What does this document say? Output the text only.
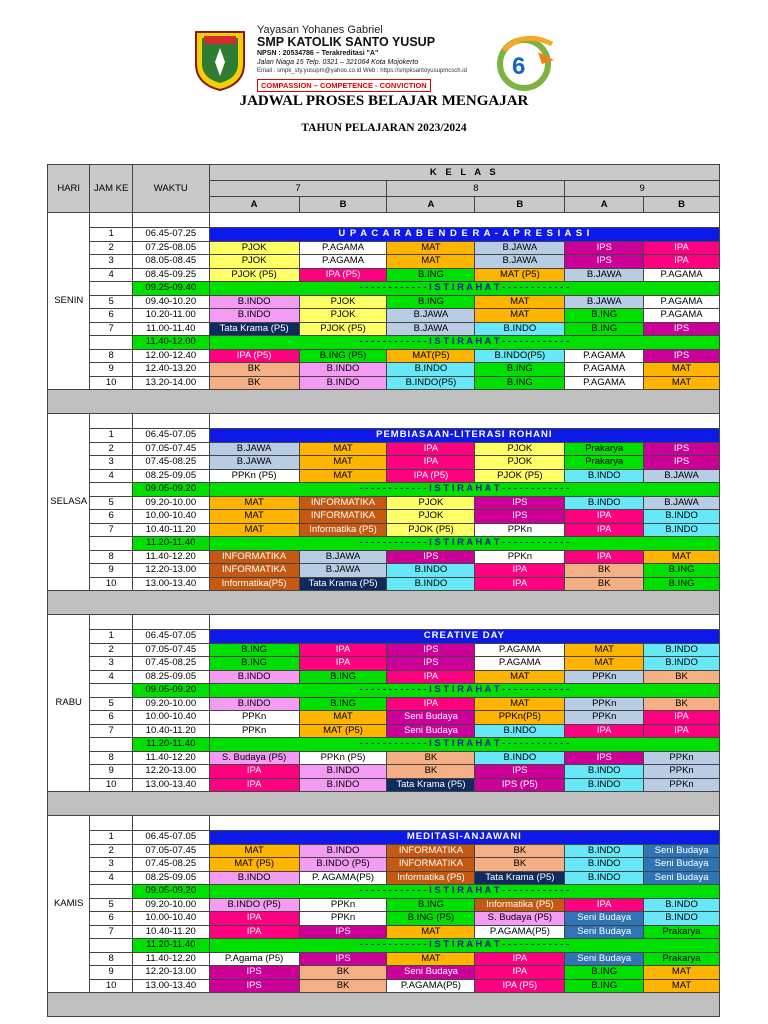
Yayasan Yohanes Gabriel
SMP KATOLIK SANTO YUSUP
NPSN : 20534786 – Terakreditasi "A"
Jalan Niaga 15 Telp. 0321 – 321064 Kota Mojokerto
Email : smpk_sty.yusupm@yahoo.co.id Web : https://smpksantoyusupmcsch.id
COMPASSION – COMPETENCE - CONVICTION
6
JADWAL PROSES BELAJAR MENGAJAR
TAHUN PELAJARAN 2023/2024
HARI	JAM KE	WAKTU	K E L A S					
			7		8		9	
			A	B	A	B	A	B
SENIN								
	1	06.45-07.25	U P A C A R A B E N D E R A - A P R E S I A S I					
	2	07.25-08.05	PJOK	P.AGAMA	MAT	B.JAWA	IPS	IPA
	3	08.05-08.45	PJOK	P.AGAMA	MAT	B.JAWA	IPS	IPA
	4	08.45-09.25	PJOK (P5)	IPA (P5)	B.ING	MAT (P5)	B.JAWA	P.AGAMA
		09.25-09.40	- - - - - - - - - - - - I S T I R A H A T - - - - - - - - - - - -					
	5	09.40-10.20	B.INDO	PJOK	B.ING	MAT	B.JAWA	P.AGAMA
	6	10.20-11.00	B.INDO	PJOK	B.JAWA	MAT	B.ING	P.AGAMA
	7	11.00-11.40	Tata Krama (P5)	PJOK (P5)	B.JAWA	B.INDO	B.ING	IPS
		11.40-12.00	- - - - - - - - - - - - I S T I R A H A T - - - - - - - - - - - -					
	8	12.00-12.40	IPA (P5)	B.ING (P5)	MAT(P5)	B.INDO(P5)	P.AGAMA	IPS
	9	12.40-13.20	BK	B.INDO	B.INDO	B.ING	P.AGAMA	MAT
	10	13.20-14.00	BK	B.INDO	B.INDO(P5)	B.ING	P.AGAMA	MAT

SELASA								
	1	06.45-07.05	PEMBIASAAN-LITERASI ROHANI					
	2	07.05-07.45	B.JAWA	MAT	IPA	PJOK	Prakarya	IPS
	3	07.45-08.25	B.JAWA	MAT	IPA	PJOK	Prakarya	IPS
	4	08.25-09.05	PPKn (P5)	MAT	IPA (P5)	PJOK (P5)	B.INDO	B.JAWA
		09.05-09.20	- - - - - - - - - - - - I S T I R A H A T - - - - - - - - - - - -					
	5	09.20-10.00	MAT	INFORMATIKA	PJOK	IPS	B.INDO	B.JAWA
	6	10.00-10.40	MAT	INFORMATIKA	PJOK	IPS	IPA	B.INDO
	7	10.40-11.20	MAT	Informatika (P5)	PJOK (P5)	PPKn	IPA	B.INDO
		11.20-11.40	- - - - - - - - - - - - I S T I R A H A T - - - - - - - - - - - -					
	8	11.40-12.20	INFORMATIKA	B.JAWA	IPS	PPKn	IPA	MAT
	9	12.20-13.00	INFORMATIKA	B.JAWA	B.INDO	IPA	BK	B.ING
	10	13.00-13.40	Informatika(P5)	Tata Krama (P5)	B.INDO	IPA	BK	B.ING

RABU								
	1	06.45-07.05	CREATIVE DAY					
	2	07.05-07.45	B.ING	IPA	IPS	P.AGAMA	MAT	B.INDO
	3	07.45-08.25	B.ING	IPA	IPS	P.AGAMA	MAT	B.INDO
	4	08.25-09.05	B.INDO	B.ING	IPA	MAT	PPKn	BK
		09.05-09.20	- - - - - - - - - - - - I S T I R A H A T - - - - - - - - - - - -					
	5	09.20-10.00	B.INDO	B.ING	IPA	MAT	PPKn	BK
	6	10.00-10.40	PPKn	MAT	Seni Budaya	PPKn(P5)	PPKn	IPA
	7	10.40-11.20	PPKn	MAT (P5)	Seni Budaya	B.INDO	IPA	IPA
		11.20-11.40	- - - - - - - - - - - - I S T I R A H A T - - - - - - - - - - - -					
	8	11.40-12.20	S. Budaya (P5)	PPKn (P5)	BK	B.INDO	IPS	PPKn
	9	12.20-13.00	IPA	B.INDO	BK	IPS	B.INDO	PPKn
	10	13.00-13.40	IPA	B.INDO	Tata Krama (P5)	IPS (P5)	B.INDO	PPKn

KAMIS								
	1	06.45-07.05	MEDITASI-ANJAWANI					
	2	07.05-07.45	MAT	B.INDO	INFORMATIKA	BK	B.INDO	Seni Budaya
	3	07.45-08.25	MAT (P5)	B.INDO (P5)	INFORMATIKA	BK	B.INDO	Seni Budaya
	4	08.25-09.05	B.INDO	P. AGAMA(P5)	Informatika (P5)	Tata Krama (P5)	B.INDO	Seni Budaya
		09.05-09.20	- - - - - - - - - - - - I S T I R A H A T - - - - - - - - - - - -					
	5	09.20-10.00	B.INDO (P5)	PPKn	B.ING	Informatika (P5)	IPA	B.INDO
	6	10.00-10.40	IPA	PPKn	B.ING (P5)	S. Budaya (P5)	Seni Budaya	B.INDO
	7	10.40-11.20	IPA	IPS	MAT	P.AGAMA(P5)	Seni Budaya	Prakarya
		11.20-11.40	- - - - - - - - - - - - I S T I R A H A T - - - - - - - - - - - -					
	8	11.40-12.20	P.Agama (P5)	IPS	MAT	IPA	Seni Budaya	Prakarya
	9	12.20-13.00	IPS	BK	Seni Budaya	IPA	B.ING	MAT
	10	13.00-13.40	IPS	BK	P.AGAMA(P5)	IPA (P5)	B.ING	MAT
